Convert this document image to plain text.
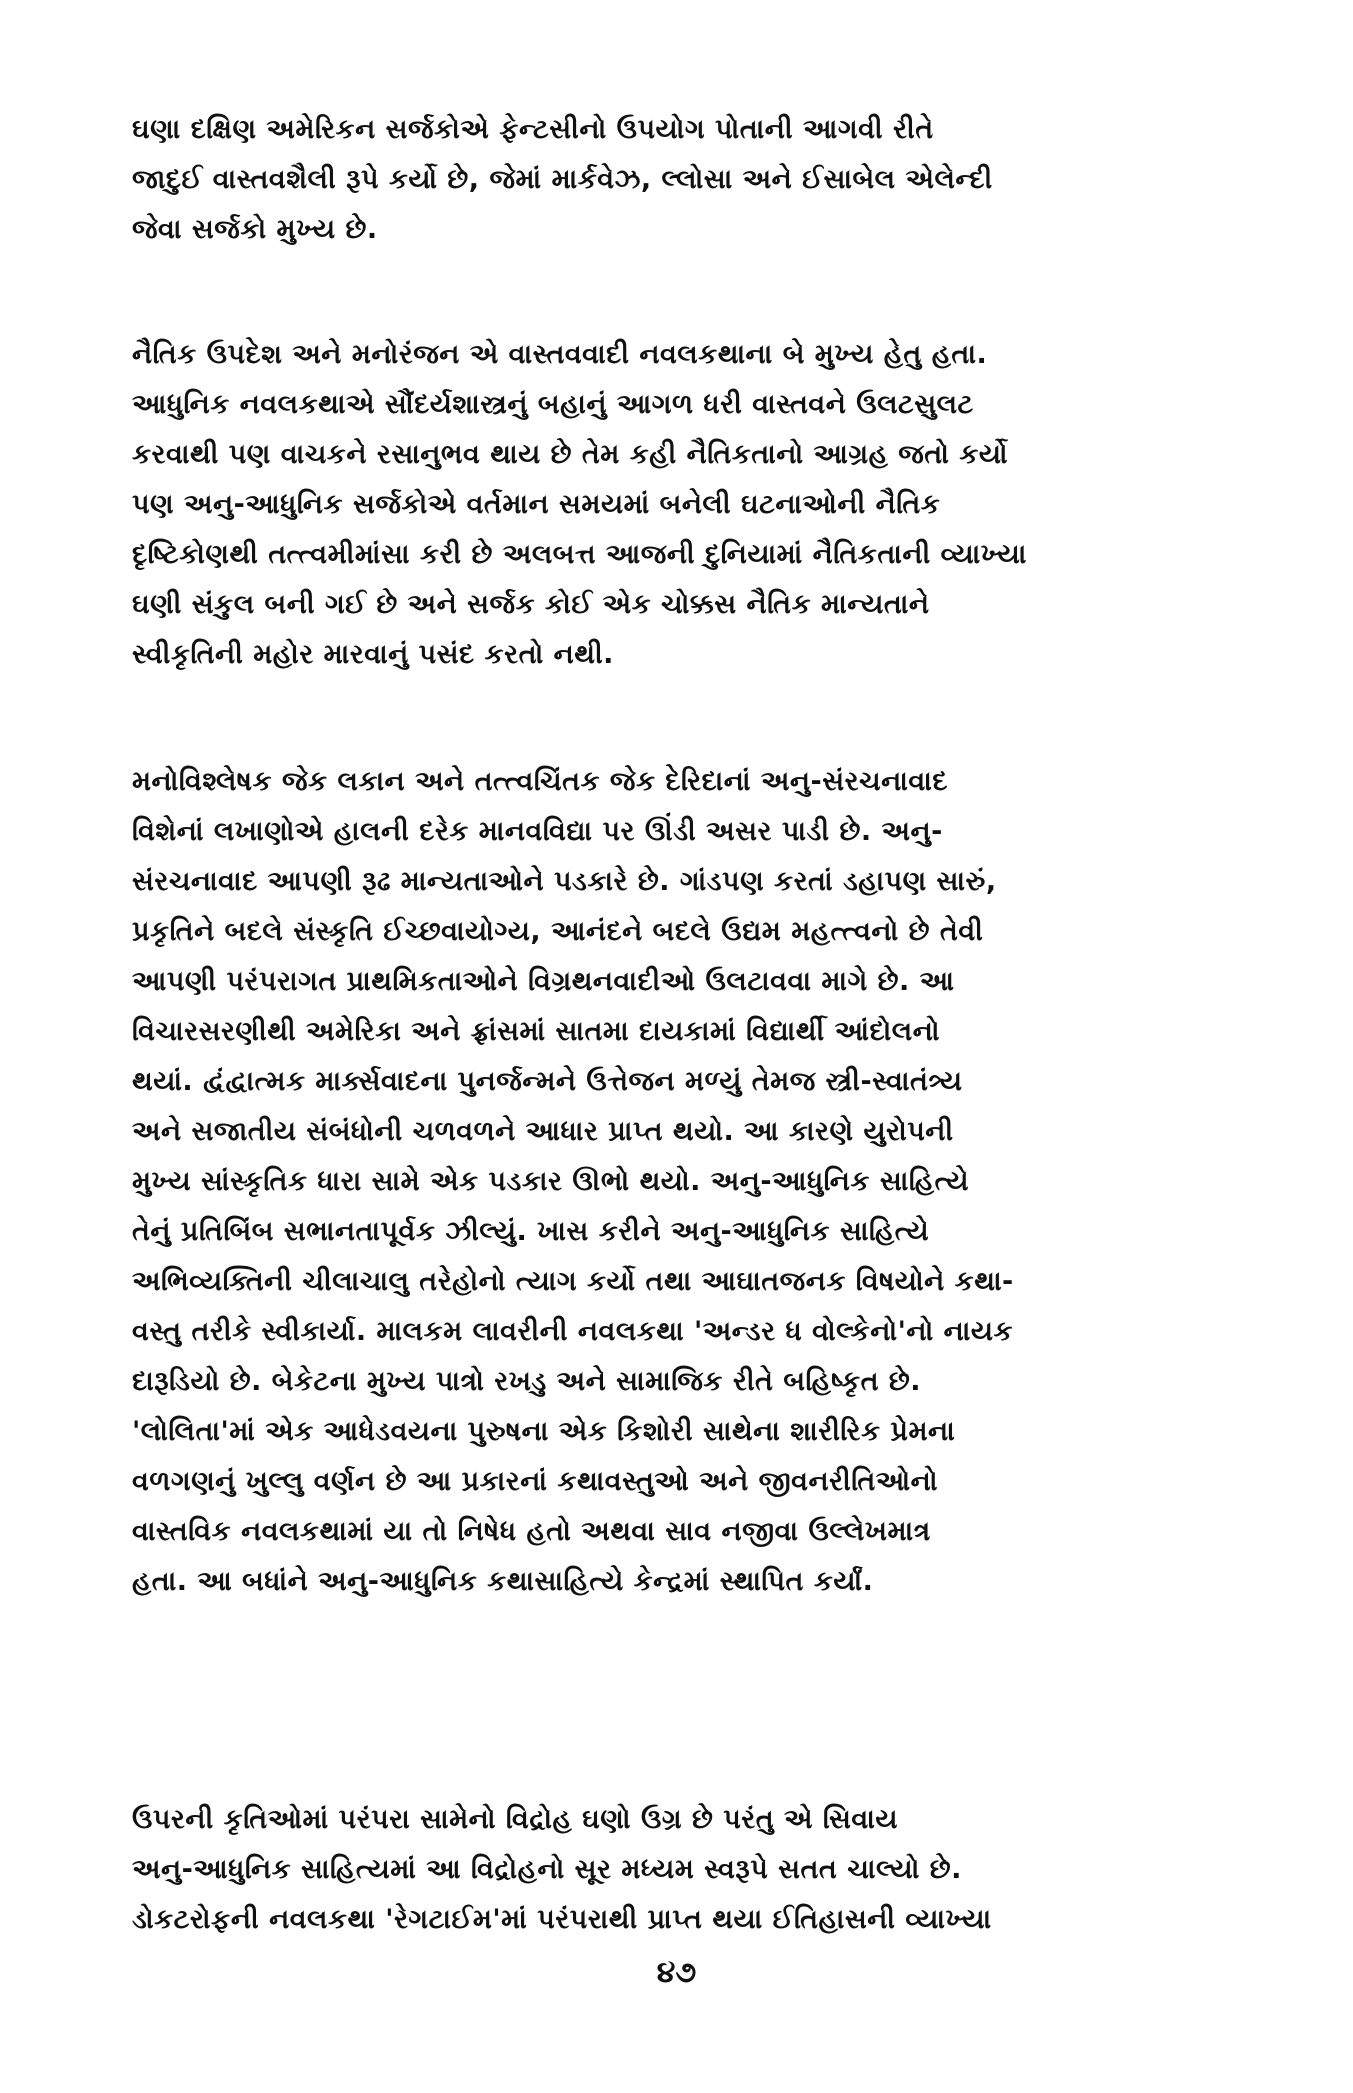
ઘણા દક્ષિણ અમેરિકન સર્જકોએ ફેન્ટસીનો ઉપયોગ પોતાની આગવી રીતે
જાદુઈ વાસ્તવશૈલી રૂપે કર્યો છે, જેમાં માર્કવેઝ, લ્લોસા અને ઈસાબેલ એલેન્દી
જેવા સર્જકો મુખ્ય છે.
નૈતિક ઉપદેશ અને મનોરંજન એ વાસ્તવવાદી નવલકથાના બે મુખ્ય હેતુ હતા.
આધુનિક નવલકથાએ સૌંદર્યશાસ્ત્રનું બહાનું આગળ ધરી વાસ્તવને ઉલટસુલટ
કરવાથી પણ વાચકને રસાનુભવ થાય છે તેમ કહી નૈતિકતાનો આગ્રહ જતો કર્યો
પણ અનુ-આધુનિક સર્જકોએ વર્તમાન સમયમાં બનેલી ઘટનાઓની નૈતિક
દૃષ્ટિકોણથી તત્ત્વમીમાંસા કરી છે અલબત્ત આજની દુનિયામાં નૈતિકતાની વ્યાખ્યા
ઘણી સંકુલ બની ગઈ છે અને સર્જક કોઈ એક ચોક્કસ નૈતિક માન્યતાને
સ્વીકૃતિની મહોર મારવાનું પસંદ કરતો નથી.
મનોવિશ્લેષક જેક લકાન અને તત્ત્વચિંતક જેક દેરિદાનાં અનુ-સંરચનાવાદ
વિશેનાં લખાણોએ હાલની દરેક માનવવિદ્યા પર ઊંડી અસર પાડી છે. અનુ-
સંરચનાવાદ આપણી રૂઢ માન્યતાઓને પડકારે છે. ગાંડપણ કરતાં ડહાપણ સારું,
પ્રકૃતિને બદલે સંસ્કૃતિ ઈચ્છવાયોગ્ય, આનંદને બદલે ઉદ્યમ મહત્ત્વનો છે તેવી
આપણી પરંપરાગત પ્રાથમિકતાઓને વિગ્રથનવાદીઓ ઉલટાવવા માગે છે. આ
વિચારસરણીથી અમેરિકા અને ફ્રાંસમાં સાતમા દાયકામાં વિદ્યાર્થી આંદોલનો
થયાં. દ્વંદ્વાત્મક માર્ક્સવાદના પુનર્જન્મને ઉત્તેજન મળ્યું તેમજ સ્ત્રી-સ્વાતંત્ર્ય
અને સજાતીય સંબંધોની ચળવળને આધાર પ્રાપ્ત થયો. આ કારણે યુરોપની
મુખ્ય સાંસ્કૃતિક ધારા સામે એક પડકાર ઊભો થયો. અનુ-આધુનિક સાહિત્યે
તેનું પ્રતિબિંબ સભાનતાપૂર્વક ઝીલ્યું. ખાસ કરીને અનુ-આધુનિક સાહિત્યે
અભિવ્યક્તિની ચીલાચાલુ તરેહોનો ત્યાગ કર્યો તથા આઘાતજનક વિષયોને કથા-
વસ્તુ તરીકે સ્વીકાર્યા. માલકમ લાવરીની નવલકથા 'અન્ડર ધ વોલ્કેનો'નો નાયક
દારૂડિયો છે. બેકેટના મુખ્ય પાત્રો રખડુ અને સામાજિક રીતે બહિષ્કૃત છે.
'લોલિતા'માં એક આધેડવયના પુરુષના એક કિશોરી સાથેના શારીરિક પ્રેમના
વળગણનું ખુલ્લુ વર્ણન છે આ પ્રકારનાં કથાવસ્તુઓ અને જીવનરીતિઓનો
વાસ્તવિક નવલકથામાં યા તો નિષેધ હતો અથવા સાવ નજીવા ઉલ્લેખમાત્ર
હતા. આ બધાંને અનુ-આધુનિક કથાસાહિત્યે કેન્દ્રમાં સ્થાપિત કર્યાં.
ઉપરની કૃતિઓમાં પરંપરા સામેનો વિદ્રોહ ઘણો ઉગ્ર છે પરંતુ એ સિવાય
અનુ-આધુનિક સાહિત્યમાં આ વિદ્રોહનો સૂર મધ્યમ સ્વરૂપે સતત ચાલ્યો છે.
ડોકટરોફની નવલકથા 'રેગટાઈમ'માં પરંપરાથી પ્રાપ્ત થયા ઈતિહાસની વ્યાખ્યા
૪૭
